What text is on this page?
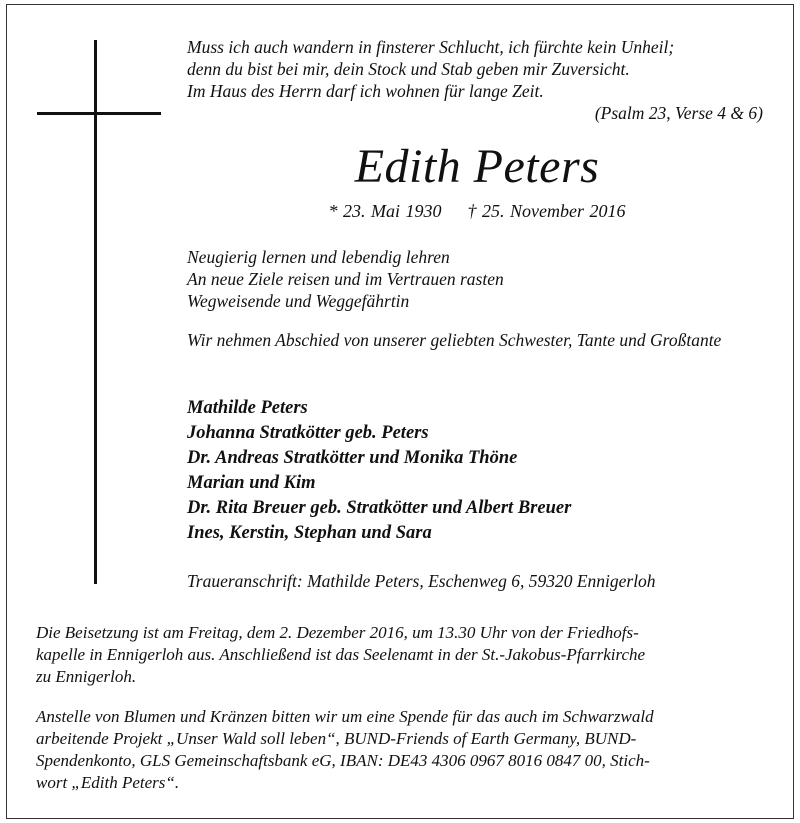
Muss ich auch wandern in finsterer Schlucht, ich fürchte kein Unheil;
denn du bist bei mir, dein Stock und Stab geben mir Zuversicht.
Im Haus des Herrn darf ich wohnen für lange Zeit.
(Psalm 23, Verse 4 & 6)
Edith Peters
* 23. Mai 1930 † 25. November 2016
Neugierig lernen und lebendig lehren
An neue Ziele reisen und im Vertrauen rasten
Wegweisende und Weggefährtin
Wir nehmen Abschied von unserer geliebten Schwester, Tante und Großtante
Mathilde Peters
Johanna Stratkötter geb. Peters
Dr. Andreas Stratkötter und Monika Thöne
Marian und Kim
Dr. Rita Breuer geb. Stratkötter und Albert Breuer
Ines, Kerstin, Stephan und Sara
Traueranschrift: Mathilde Peters, Eschenweg 6, 59320 Ennigerloh
Die Beisetzung ist am Freitag, dem 2. Dezember 2016, um 13.30 Uhr von der Friedhofs-
kapelle in Ennigerloh aus. Anschließend ist das Seelenamt in der St.-Jakobus-Pfarrkirche
zu Ennigerloh.
Anstelle von Blumen und Kränzen bitten wir um eine Spende für das auch im Schwarzwald
arbeitende Projekt „Unser Wald soll leben“, BUND-Friends of Earth Germany, BUND-
Spendenkonto, GLS Gemeinschaftsbank eG, IBAN: DE43 4306 0967 8016 0847 00, Stich-
wort „Edith Peters“.
